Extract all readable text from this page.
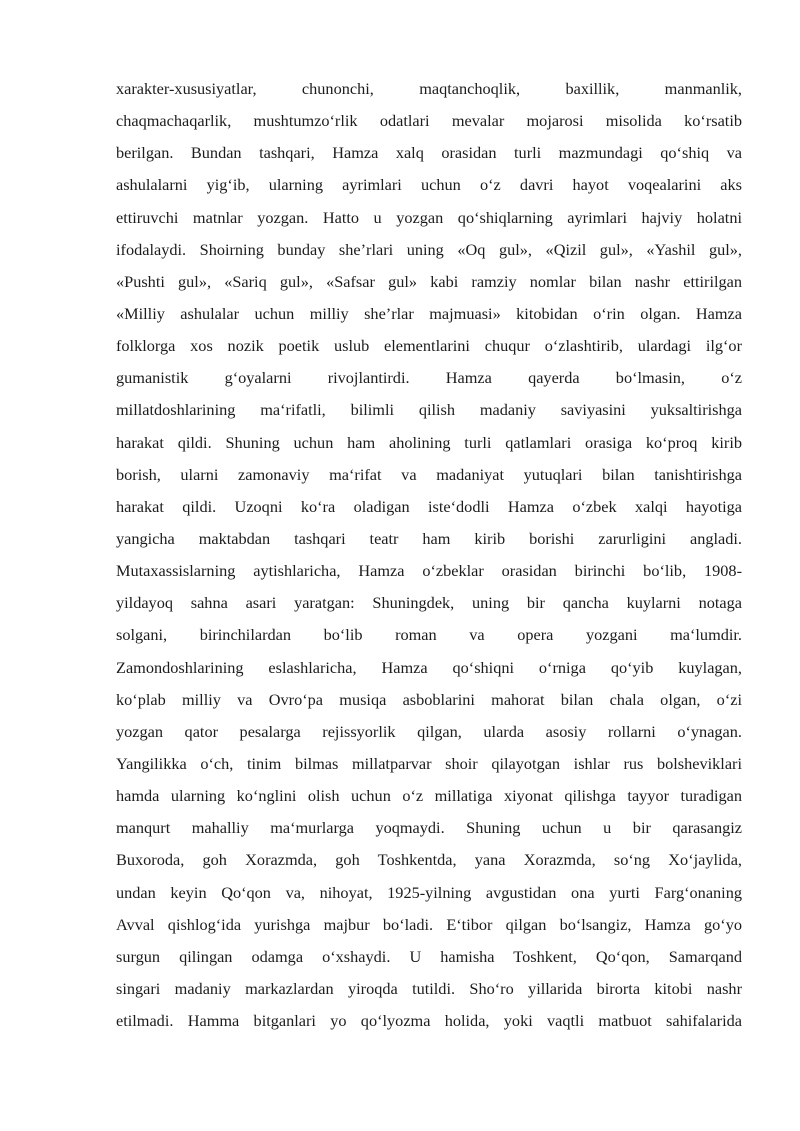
xarakter-xususiyatlar, chunonchi, maqtanchoqlik, baxillik, manmanlik,
chaqmachaqarlik, mushtumzo‘rlik odatlari mevalar mojarosi misolida ko‘rsatib
berilgan. Bundan tashqari, Hamza xalq orasidan turli mazmundagi qo‘shiq va
ashulalarni yig‘ib, ularning ayrimlari uchun o‘z davri hayot voqealarini aks
ettiruvchi matnlar yozgan. Hatto u yozgan qo‘shiqlarning ayrimlari hajviy holatni
ifodalaydi. Shoirning bunday she’rlari uning «Oq gul», «Qizil gul», «Yashil gul»,
«Pushti gul», «Sariq gul», «Safsar gul» kabi ramziy nomlar bilan nashr ettirilgan
«Milliy ashulalar uchun milliy she’rlar majmuasi» kitobidan o‘rin olgan. Hamza
folklorga xos nozik poetik uslub elementlarini chuqur o‘zlashtirib, ulardagi ilg‘or
gumanistik g‘oyalarni rivojlantirdi. Hamza qayerda bo‘lmasin, o‘z
millatdoshlarining ma‘rifatli, bilimli qilish madaniy saviyasini yuksaltirishga
harakat qildi. Shuning uchun ham aholining turli qatlamlari orasiga ko‘proq kirib
borish, ularni zamonaviy ma‘rifat va madaniyat yutuqlari bilan tanishtirishga
harakat qildi. Uzoqni ko‘ra oladigan iste‘dodli Hamza o‘zbek xalqi hayotiga
yangicha maktabdan tashqari teatr ham kirib borishi zarurligini angladi.
Mutaxassislarning aytishlaricha, Hamza o‘zbeklar orasidan birinchi bo‘lib, 1908-
yildayoq sahna asari yaratgan: Shuningdek, uning bir qancha kuylarni notaga
solgani, birinchilardan bo‘lib roman va opera yozgani ma‘lumdir.
Zamondoshlarining eslashlaricha, Hamza qo‘shiqni o‘rniga qo‘yib kuylagan,
ko‘plab milliy va Ovro‘pa musiqa asboblarini mahorat bilan chala olgan, o‘zi
yozgan qator pesalarga rejissyorlik qilgan, ularda asosiy rollarni o‘ynagan.
Yangilikka o‘ch, tinim bilmas millatparvar shoir qilayotgan ishlar rus bolsheviklari
hamda ularning ko‘nglini olish uchun o‘z millatiga xiyonat qilishga tayyor turadigan
manqurt mahalliy ma‘murlarga yoqmaydi. Shuning uchun u bir qarasangiz
Buxoroda, goh Xorazmda, goh Toshkentda, yana Xorazmda, so‘ng Xo‘jaylida,
undan keyin Qo‘qon va, nihoyat, 1925-yilning avgustidan ona yurti Farg‘onaning
Avval qishlog‘ida yurishga majbur bo‘ladi. E‘tibor qilgan bo‘lsangiz, Hamza go‘yo
surgun qilingan odamga o‘xshaydi. U hamisha Toshkent, Qo‘qon, Samarqand
singari madaniy markazlardan yiroqda tutildi. Sho‘ro yillarida birorta kitobi nashr
etilmadi. Hamma bitganlari yo qo‘lyozma holida, yoki vaqtli matbuot sahifalarida
